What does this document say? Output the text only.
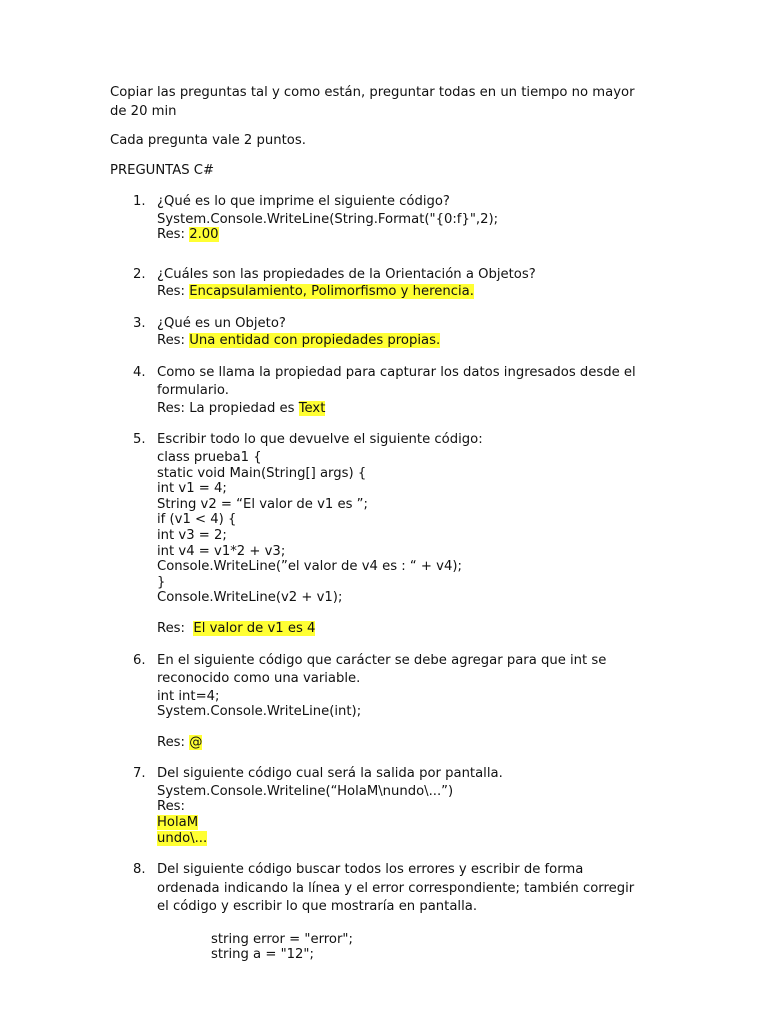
Copiar las preguntas tal y como están, preguntar todas en un tiempo no mayor de 20 min

Cada pregunta vale 2 puntos.

PREGUNTAS C#

1. ¿Qué es lo que imprime el siguiente código?
System.Console.WriteLine(String.Format("{0:f}",2);
Res: 2.00
2. ¿Cuáles son las propiedades de la Orientación a Objetos?
Res: Encapsulamiento, Polimorfismo y herencia.
3. ¿Qué es un Objeto?
Res: Una entidad con propiedades propias.
4. Como se llama la propiedad para capturar los datos ingresados desde el formulario.
Res: La propiedad es Text
5. Escribir todo lo que devuelve el siguiente código:
class prueba1 {
static void Main(String[] args) {
int v1 = 4;
String v2 = “El valor de v1 es ”;
if (v1 < 4) {
int v3 = 2;
int v4 = v1*2 + v3;
Console.WriteLine(”el valor de v4 es : “ + v4);
}
Console.WriteLine(v2 + v1);
Res:  El valor de v1 es 4
6. En el siguiente código que carácter se debe agregar para que int se reconocido como una variable.
int int=4;
System.Console.WriteLine(int);
Res: @
7. Del siguiente código cual será la salida por pantalla.
System.Console.Writeline(“HolaM\nundo\...”)
Res:
HolaM
undo\...
8. Del siguiente código buscar todos los errores y escribir de forma ordenada indicando la línea y el error correspondiente; también corregir el código y escribir lo que mostraría en pantalla.
string error = "error";
string a = "12";
